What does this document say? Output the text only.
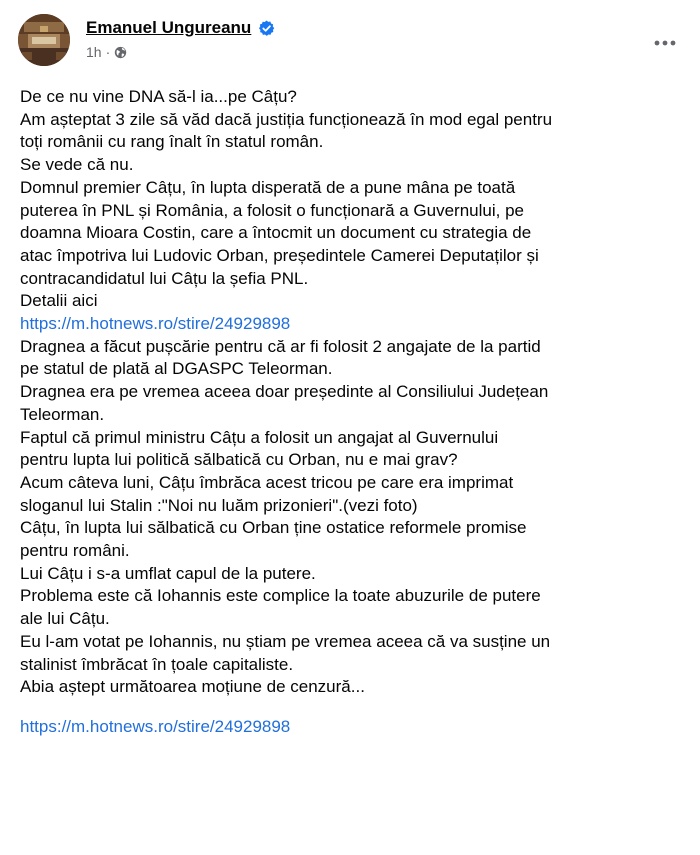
Emanuel Ungureanu
1h ·
De ce nu vine DNA să-l ia...pe Câțu?
Am așteptat 3 zile să văd dacă justiția funcționează în mod egal pentru
toți românii cu rang înalt în statul român.
Se vede că nu.
Domnul premier Câțu, în lupta disperată de a pune mâna pe toată
puterea în PNL și România, a folosit o funcționară a Guvernului, pe
doamna Mioara Costin, care a întocmit un document cu strategia de
atac împotriva lui Ludovic Orban, președintele Camerei Deputaților și
contracandidatul lui Câțu la șefia PNL.
Detalii aici
https://m.hotnews.ro/stire/24929898
Dragnea a făcut pușcărie pentru că ar fi folosit 2 angajate de la partid
pe statul de plată al DGASPC Teleorman.
Dragnea era pe vremea aceea doar președinte al Consiliului Județean
Teleorman.
Faptul că primul ministru Câțu a folosit un angajat al Guvernului
pentru lupta lui politică sălbatică cu Orban, nu e mai grav?
Acum câteva luni, Câțu îmbrăca acest tricou pe care era imprimat
sloganul lui Stalin :"Noi nu luăm prizonieri".(vezi foto)
Câțu, în lupta lui sălbatică cu Orban ține ostatice reformele promise
pentru români.
Lui Câțu i s-a umflat capul de la putere.
Problema este că Iohannis este complice la toate abuzurile de putere
ale lui Câțu.
Eu l-am votat pe Iohannis, nu știam pe vremea aceea că va susține un
stalinist îmbrăcat în țoale capitaliste.
Abia aștept următoarea moțiune de cenzură...
https://m.hotnews.ro/stire/24929898
